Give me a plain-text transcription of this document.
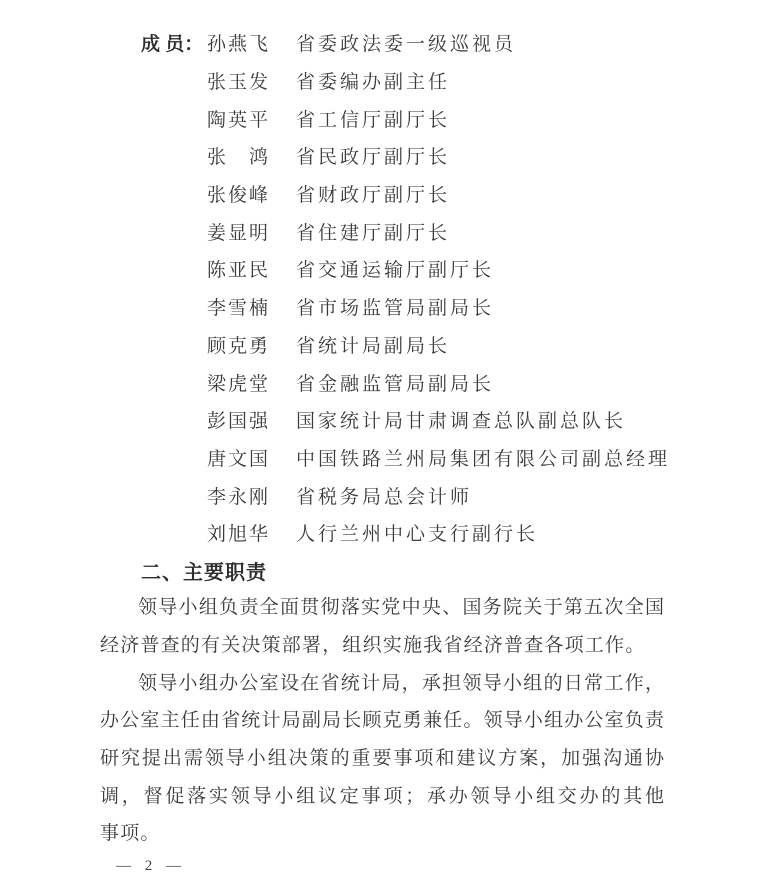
成 员： 孙燕飞	省委政法委一级巡视员
张玉发	省委编办副主任
陶英平	省工信厅副厅长
张　鸿	省民政厅副厅长
张俊峰	省财政厅副厅长
姜显明	省住建厅副厅长
陈亚民	省交通运输厅副厅长
李雪楠	省市场监管局副局长
顾克勇	省统计局副局长
梁虎堂	省金融监管局副局长
彭国强	国家统计局甘肃调查总队副总队长
唐文国	中国铁路兰州局集团有限公司副总经理
李永刚	省税务局总会计师
刘旭华	人行兰州中心支行副行长
二、主要职责
领导小组负责全面贯彻落实党中央、国务院关于第五次全国
经济普查的有关决策部署，组织实施我省经济普查各项工作。
领导小组办公室设在省统计局，承担领导小组的日常工作，
办公室主任由省统计局副局长顾克勇兼任。领导小组办公室负责
研究提出需领导小组决策的重要事项和建议方案，加强沟通协
调，督促落实领导小组议定事项；承办领导小组交办的其他
事项。
— 2 —
